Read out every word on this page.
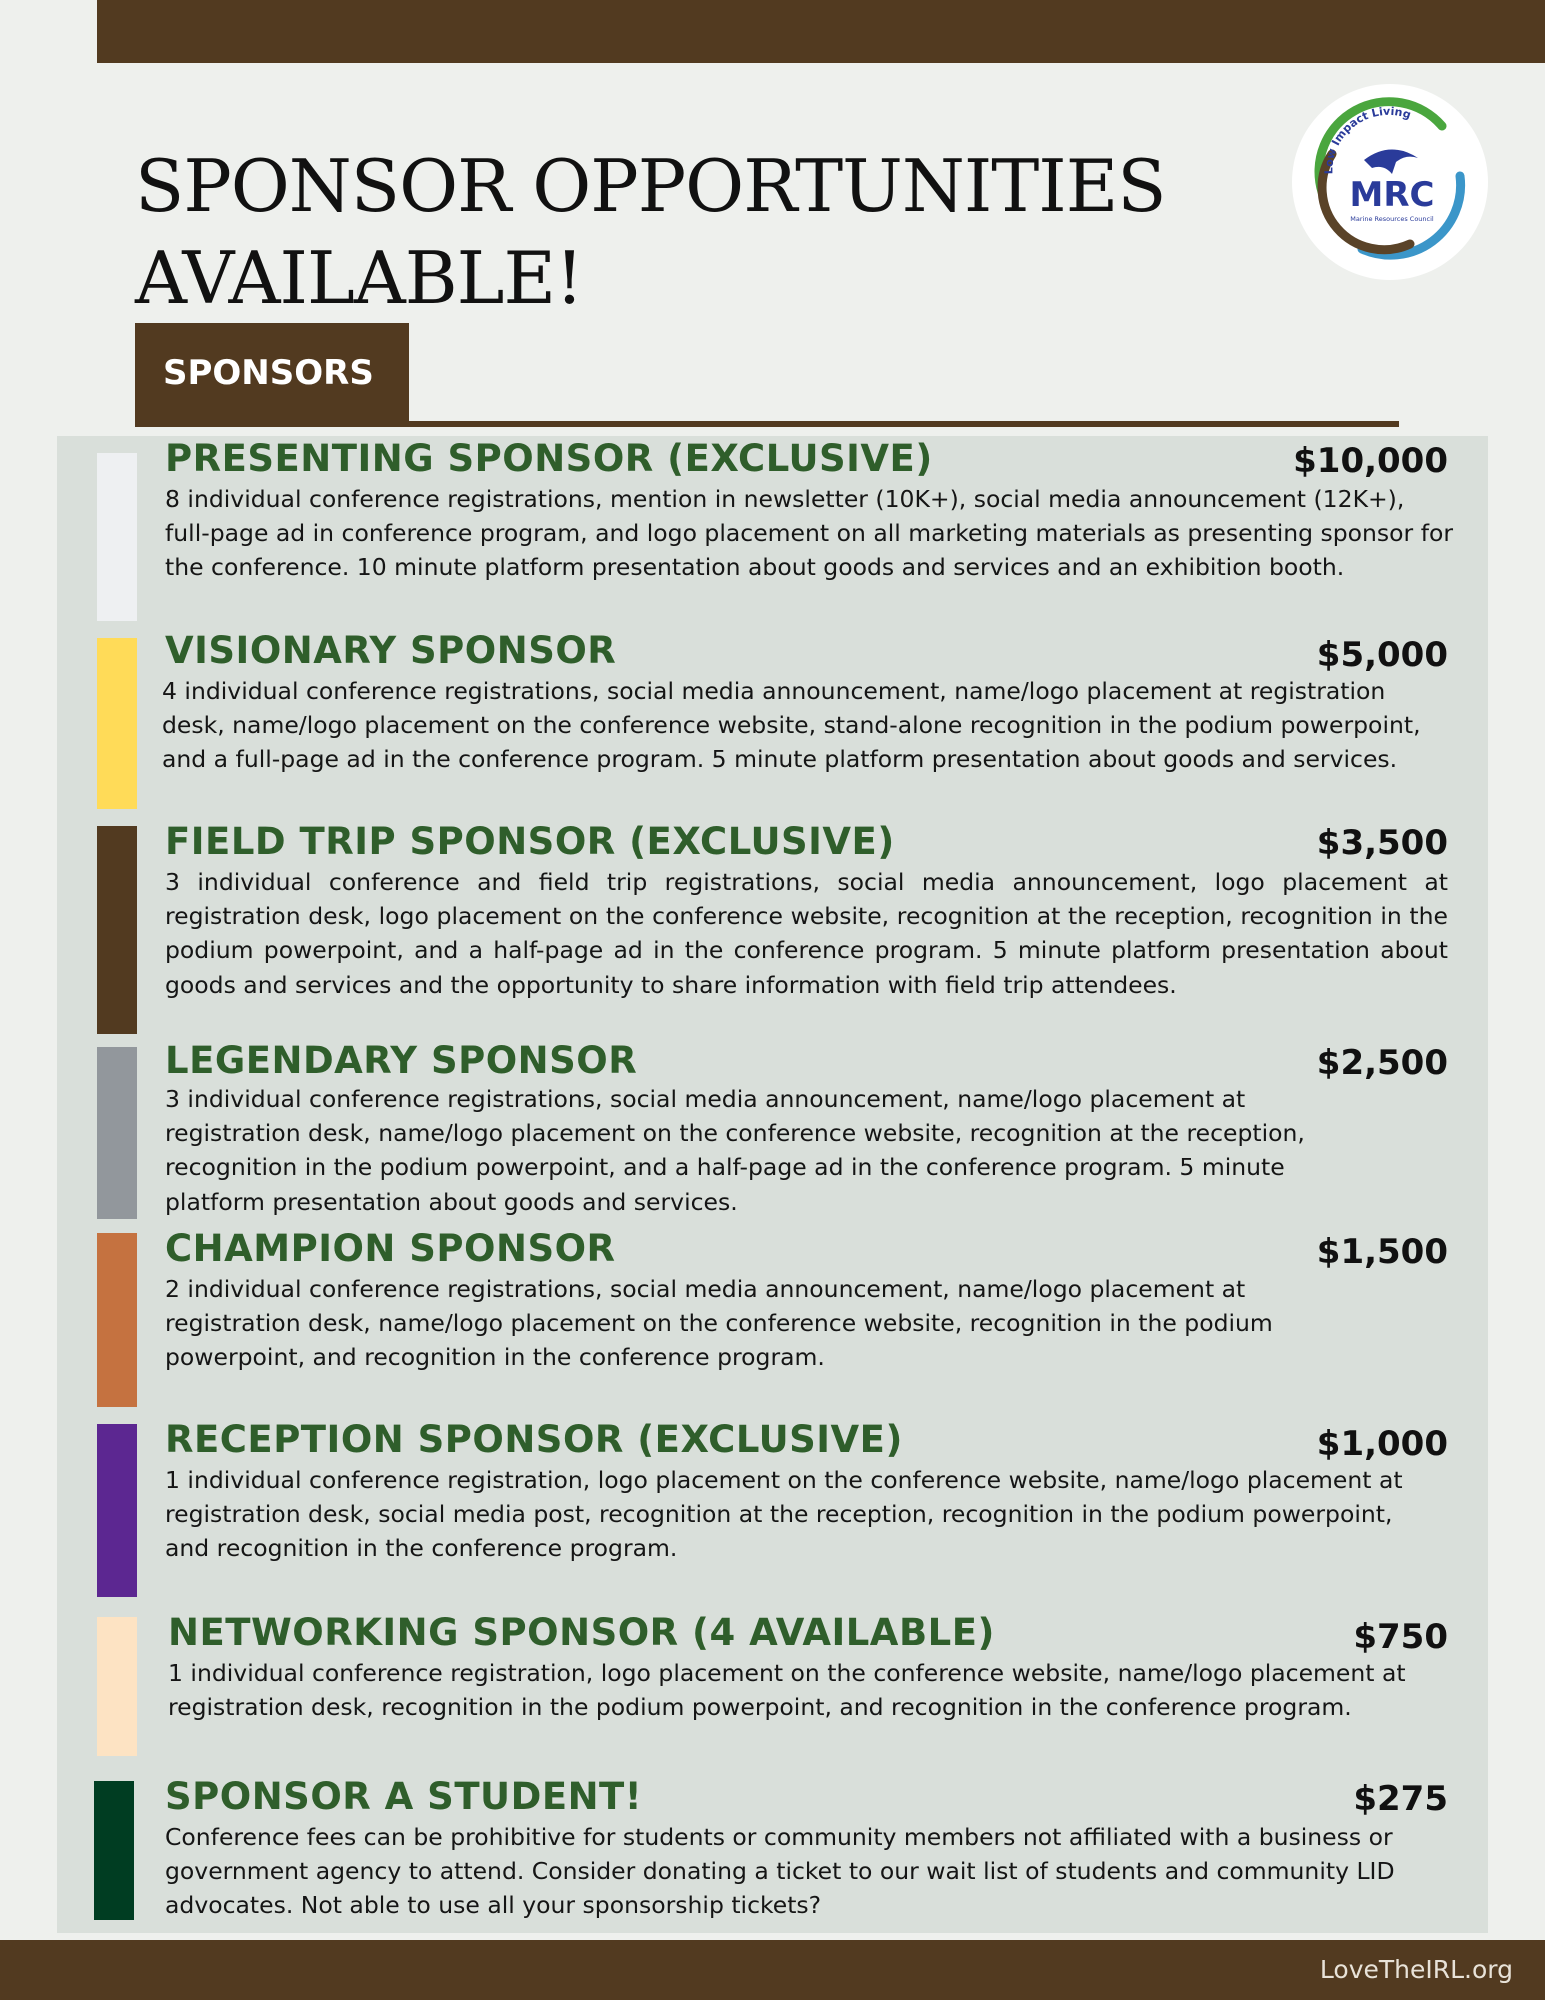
SPONSOR OPPORTUNITIES
AVAILABLE!
Low Impact Living
MRC
Marine Resources Council
SPONSORS
PRESENTING SPONSOR (EXCLUSIVE)	$10,000

8 individual conference registrations, mention in newsletter (10K+), social media announcement (12K+), full-page ad in conference program, and logo placement on all marketing materials as presenting sponsor for the conference. 10 minute platform presentation about goods and services and an exhibition booth.

VISIONARY SPONSOR	$5,000

4 individual conference registrations, social media announcement, name/logo placement at registration desk, name/logo placement on the conference website, stand-alone recognition in the podium powerpoint, and a full-page ad in the conference program. 5 minute platform presentation about goods and services.

FIELD TRIP SPONSOR (EXCLUSIVE)	$3,500

3 individual conference and field trip registrations, social media announcement, logo placement at registration desk, logo placement on the conference website, recognition at the reception, recognition in the podium powerpoint, and a half-page ad in the conference program. 5 minute platform presentation about goods and services and the opportunity to share information with field trip attendees.

LEGENDARY SPONSOR	$2,500

3 individual conference registrations, social media announcement, name/logo placement at registration desk, name/logo placement on the conference website, recognition at the reception, recognition in the podium powerpoint, and a half-page ad in the conference program. 5 minute platform presentation about goods and services.

CHAMPION SPONSOR	$1,500

2 individual conference registrations, social media announcement, name/logo placement at registration desk, name/logo placement on the conference website, recognition in the podium powerpoint, and recognition in the conference program.

RECEPTION SPONSOR (EXCLUSIVE)	$1,000

1 individual conference registration, logo placement on the conference website, name/logo placement at registration desk, social media post, recognition at the reception, recognition in the podium powerpoint, and recognition in the conference program.

NETWORKING SPONSOR (4 AVAILABLE)	$750

1 individual conference registration, logo placement on the conference website, name/logo placement at registration desk, recognition in the podium powerpoint, and recognition in the conference program.

SPONSOR A STUDENT!	$275

Conference fees can be prohibitive for students or community members not affiliated with a business or government agency to attend. Consider donating a ticket to our wait list of students and community LID advocates. Not able to use all your sponsorship tickets?

LoveTheIRL.org
